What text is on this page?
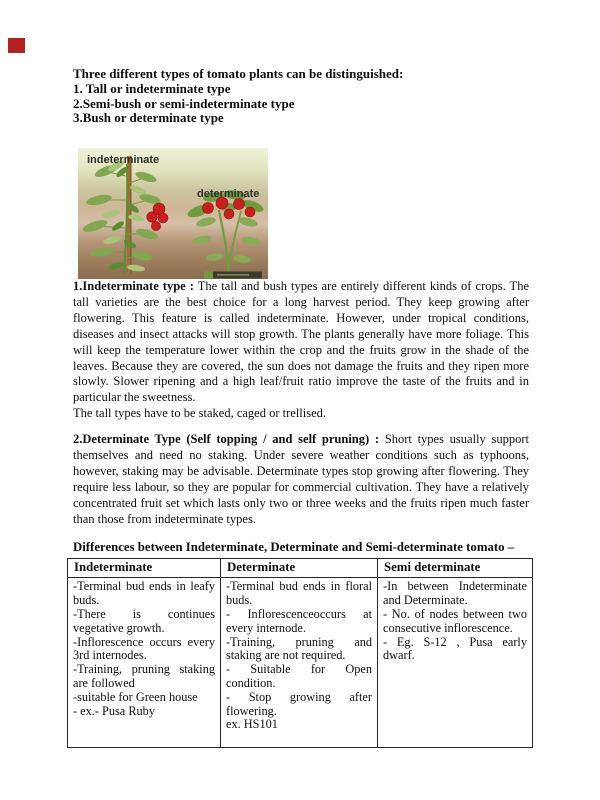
Three different types of tomato plants can be distinguished:
1. Tall or indeterminate type
2.Semi-bush or semi-indeterminate type
3.Bush or determinate type
indeterminate
determinate

1.Indeterminate type : The tall and bush types are entirely different kinds of crops. The tall varieties are the best choice for a long harvest period. They keep growing after flowering. This feature is called indeterminate. However, under tropical conditions, diseases and insect attacks will stop growth. The plants generally have more foliage. This will keep the temperature lower within the crop and the fruits grow in the shade of the leaves. Because they are covered, the sun does not damage the fruits and they ripen more slowly. Slower ripening and a high leaf/fruit ratio improve the taste of the fruits and in particular the sweetness.

The tall types have to be staked, caged or trellised.

2.Determinate Type (Self topping / and self pruning) : Short types usually support themselves and need no staking. Under severe weather conditions such as typhoons, however, staking may be advisable. Determinate types stop growing after flowering. They require less labour, so they are popular for commercial cultivation. They have a relatively concentrated fruit set which lasts only two or three weeks and the fruits ripen much faster than those from indeterminate types.

Differences between Indeterminate, Determinate and Semi-determinate tomato –
Indeterminate	Determinate	Semi determinate

-Terminal bud ends in leafy buds.
-There is continues vegetative growth.
-Inflorescence occurs every 3rd internodes.
-Training, pruning staking are followed
-suitable for Green house
- ex.- Pusa Ruby

-Terminal bud ends in floral buds.
- Inflorescenceoccurs at every internode.
-Training, pruning and staking are not required.
- Suitable for Open condition.
- Stop growing after flowering.
ex. HS101

-In between Indeterminate and Determinate.
- No. of nodes between two consecutive inflorescence.
- Eg. S-12 , Pusa early dwarf.
